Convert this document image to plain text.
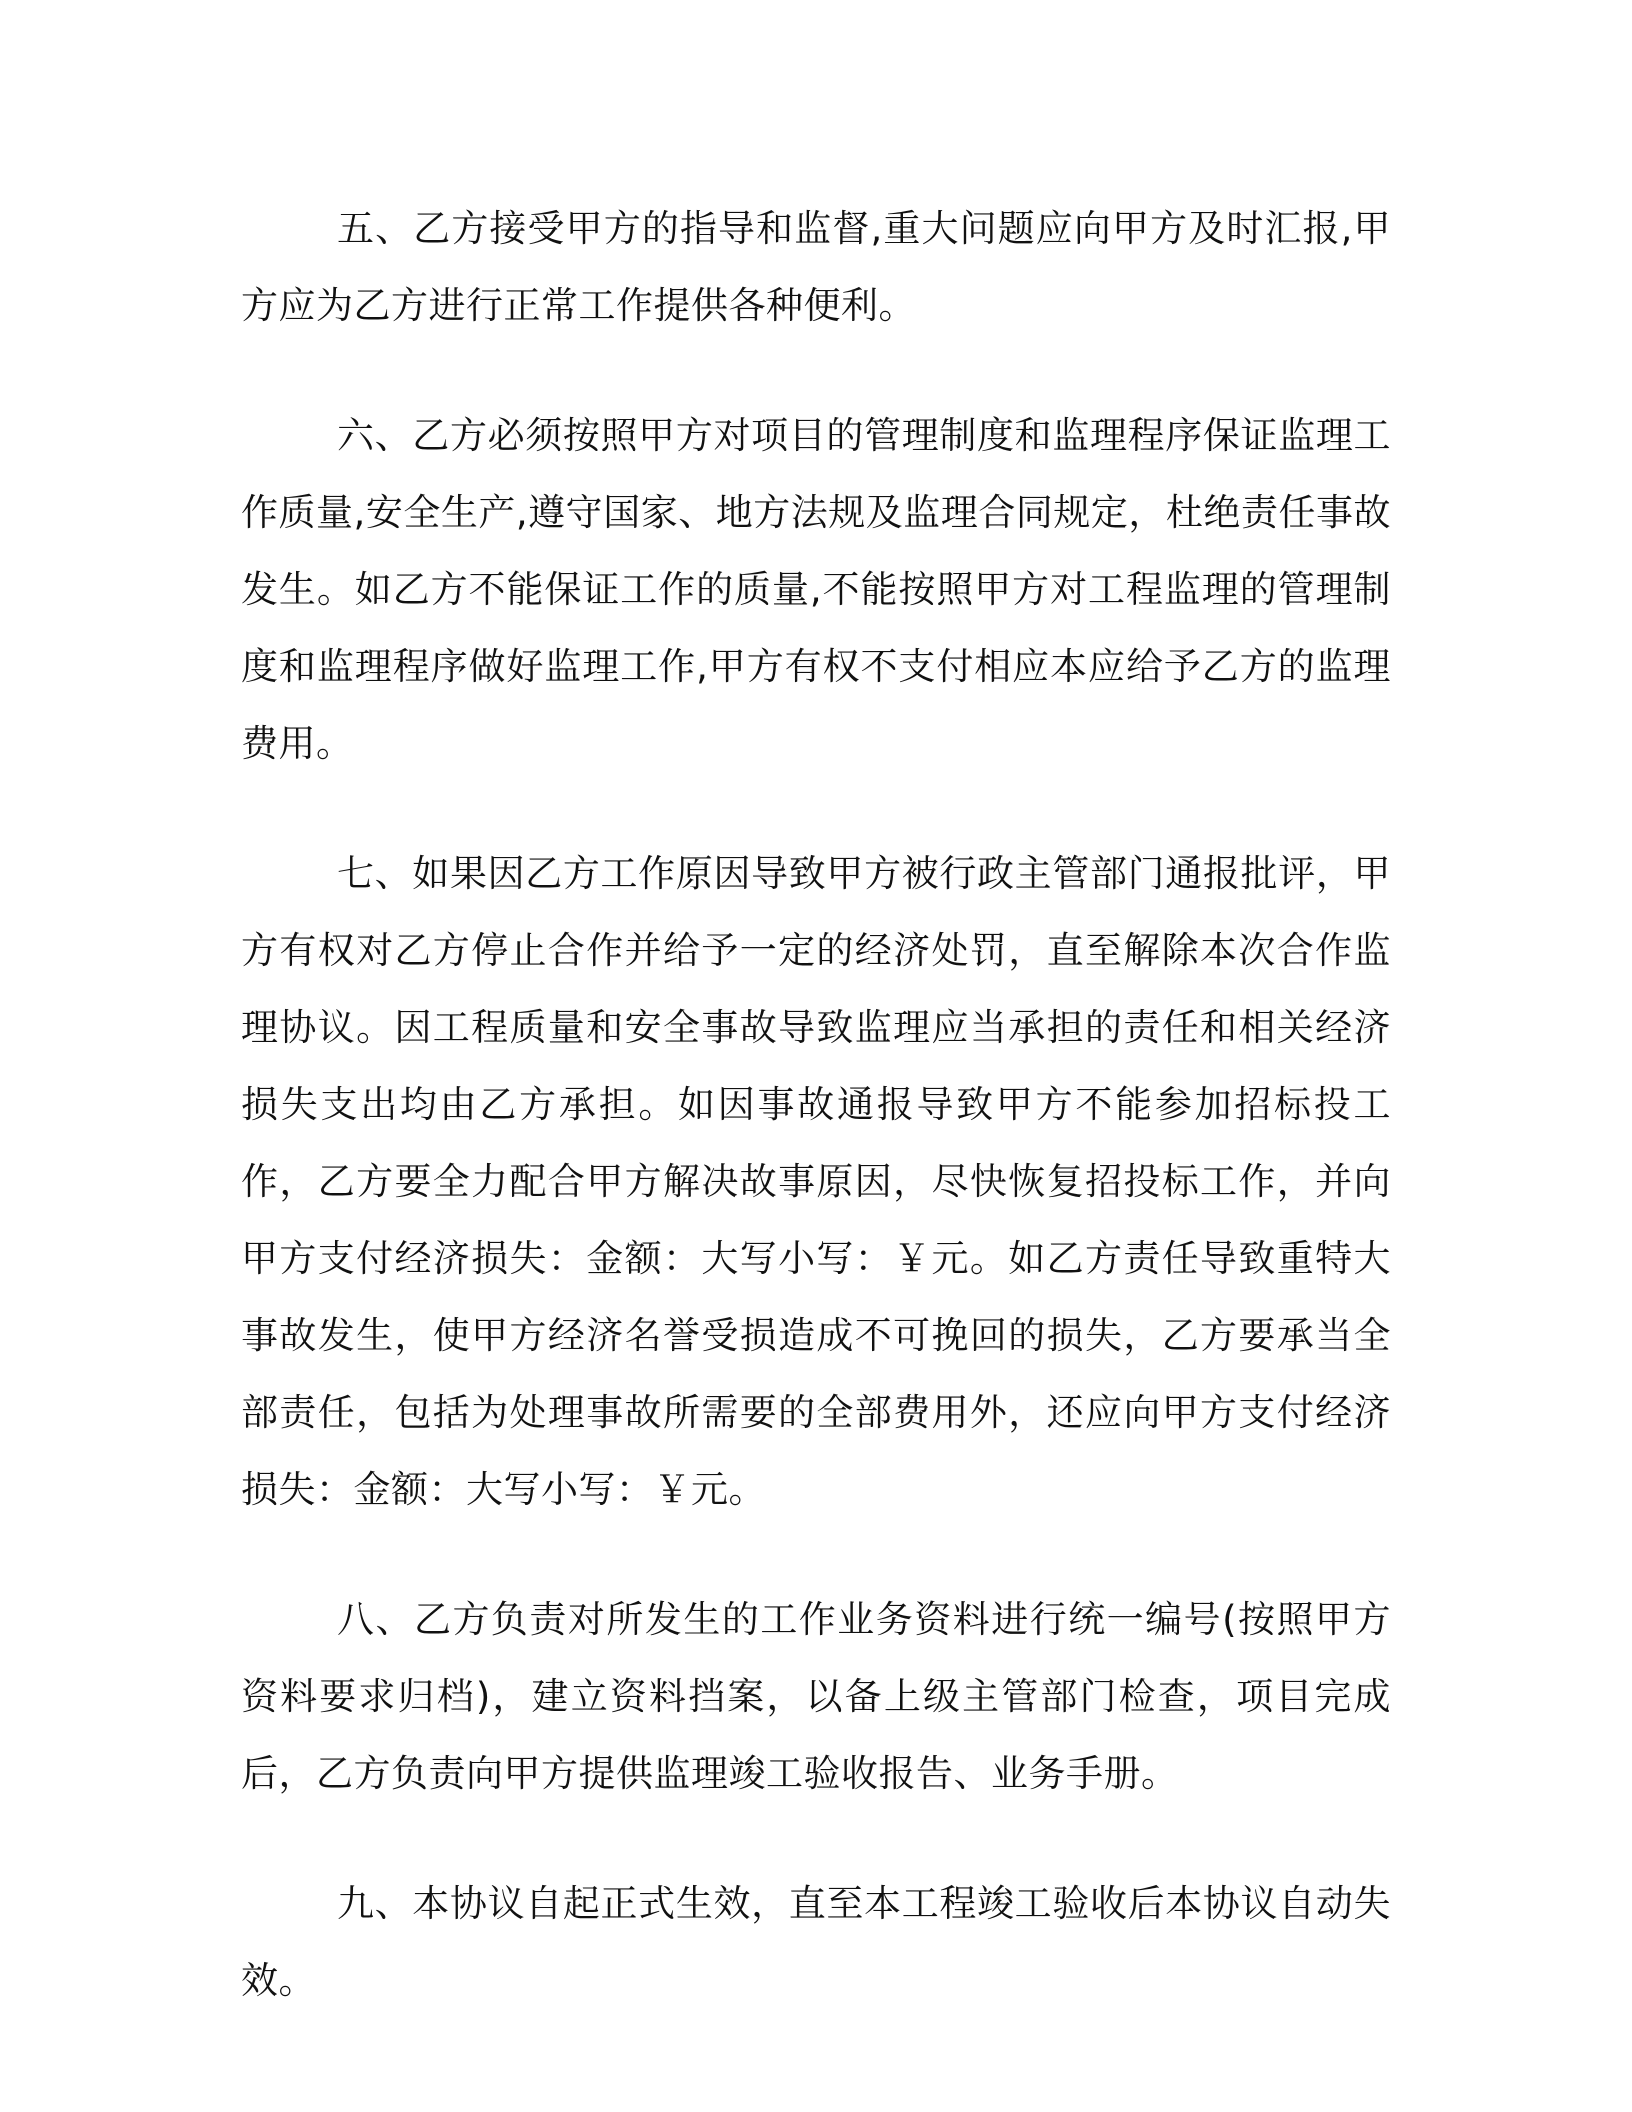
五、乙方接受甲方的指导和监督,重大问题应向甲方及时汇报,甲方应为乙方进行正常工作提供各种便利。

六、乙方必须按照甲方对项目的管理制度和监理程序保证监理工作质量,安全生产,遵守国家、地方法规及监理合同规定，杜绝责任事故发生。如乙方不能保证工作的质量,不能按照甲方对工程监理的管理制度和监理程序做好监理工作,甲方有权不支付相应本应给予乙方的监理费用。

七、如果因乙方工作原因导致甲方被行政主管部门通报批评，甲方有权对乙方停止合作并给予一定的经济处罚，直至解除本次合作监理协议。因工程质量和安全事故导致监理应当承担的责任和相关经济损失支出均由乙方承担。如因事故通报导致甲方不能参加招标投工作，乙方要全力配合甲方解决故事原因，尽快恢复招投标工作，并向甲方支付经济损失：金额：大写小写：￥元。如乙方责任导致重特大事故发生，使甲方经济名誉受损造成不可挽回的损失，乙方要承当全部责任，包括为处理事故所需要的全部费用外，还应向甲方支付经济损失：金额：大写小写：￥元。

八、乙方负责对所发生的工作业务资料进行统一编号(按照甲方资料要求归档)，建立资料挡案，以备上级主管部门检查，项目完成后，乙方负责向甲方提供监理竣工验收报告、业务手册。

九、本协议自起正式生效，直至本工程竣工验收后本协议自动失效。
